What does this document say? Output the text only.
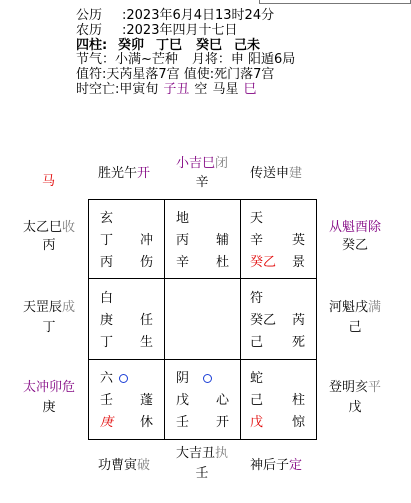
公历	:2023年6月4日13时24分
农历	:2023年四月十七日
四柱: 癸卯 丁巳 癸巳 己未
节气：小满~芒种 月将：申 阳遁6局
值符:天芮星落7宫 值使:死门落7宫
时空亡: 甲寅旬 子丑 空 马星 巳
马
胜光午开
小吉巳闭
辛
传送申建
太乙巳收
丙
从魁酉除
癸乙
天罡辰成
丁
河魁戌满
己
太冲卯危
庚
登明亥平
戊
功曹寅破
大吉丑执
壬
神后子定
玄
丁 冲
丙 伤
地
丙 辅
辛 杜
天
辛 英
癸乙 景
白
庚 任
丁 生
符
癸乙 芮
己 死
六
壬 蓬
庚 休
阴
戊 心
壬 开
蛇
己 柱
戊 惊
